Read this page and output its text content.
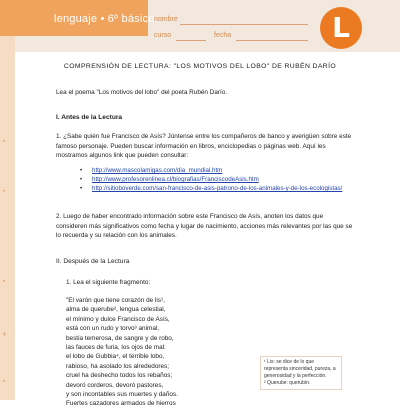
lenguaje • 6º básico nombre
curso	fecha	L
·
·
·
,
·
COMPRENSIÓN DE LECTURA: "LOS MOTIVOS DEL LOBO" DE RUBÉN DARÍO
Lea el poema "Los motivos del lobo" del poeta Rubén Darío.
I. Antes de la Lectura
1. ¿Sabe quién fue Francisco de Asís? Júntense entre los compañeros de banco y averigüen sobre este famoso personaje. Pueden buscar información en libros, enciclopedias o páginas web. Aquí les mostramos algunos link que pueden consultar:
• http://www.mascolamigas.com/dia_mundial.htm
• http://www.profesorenlinea.cl/biografias/FranciscodeAsis.htm
• http://sitioboverde.com/san-francisco-de-asis-patrono-de-los-animales-y-de-los-ecologistas/
2. Luego de haber encontrado información sobre este Francisco de Asís, anoten los datos que consideren más significativos como fecha y lugar de nacimiento, acciones más relevantes por las que se lo recuerda y su relación con los animales.
II. Después de la Lectura
1. Lea el siguiente fragmento:
"El varón que tiene corazón de lis¹,
alma de querube², lengua celestial,
el mínimo y dulce Francisco de Asís,
está con un rudo y torvo³ animal,
bestia temerosa, de sangre y de robo,
las fauces de furia, los ojos de mal:
el lobo de Gubbia⁴, el terrible lobo,
rabioso, ha asolado los alrededores;
cruel ha deshecho todos los rebaños;
devoró corderos, devoró pastores,
y son incontables sus muertes y daños.
Fuertes cazadores armados de hierros
¹ Lis: se dice de lo que representa sinceridad, pureza, a
generosidad y la perfección.
² Querube: querubín.
